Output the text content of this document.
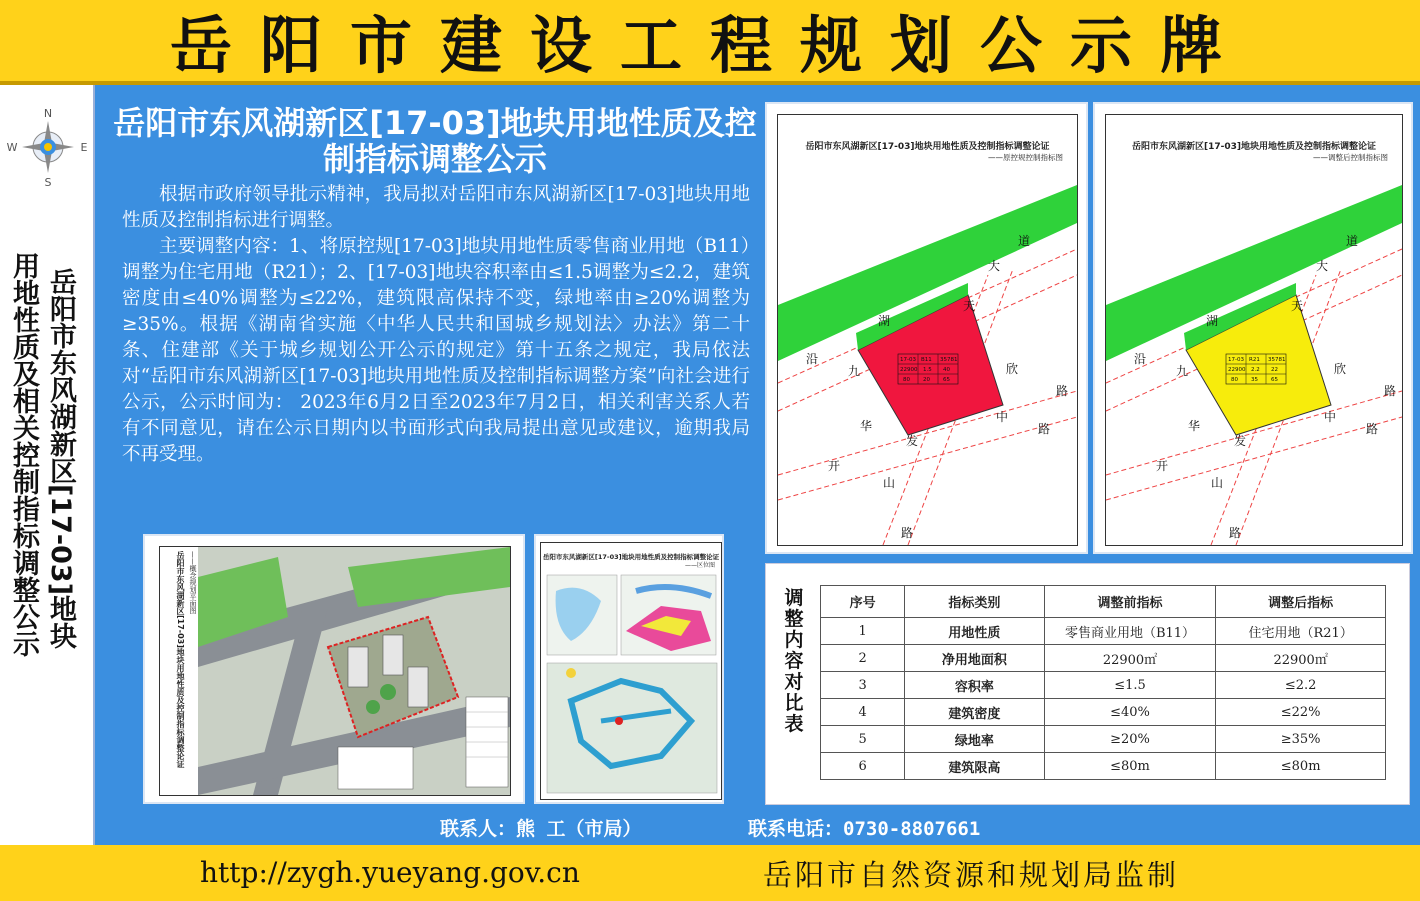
岳阳市建设工程规划公示牌
N
S
W	E
岳阳市东风湖新区[17-03]地块
用地性质及相关控制指标调整公示
岳阳市东风湖新区[17-03]地块用地性质及控制指标调整公示

根据市政府领导批示精神，我局拟对岳阳市东风湖新区[17-03]地块用地性质及控制指标进行调整。

主要调整内容：1、将原控规[17-03]地块用地性质零售商业用地（B11）调整为住宅用地（R21）；2、[17-03]地块容积率由≤1.5调整为≤2.2，建筑密度由≤40%调整为≤22%，建筑限高保持不变，绿地率由≥20%调整为≥35%。根据《湖南省实施〈中华人民共和国城乡规划法〉办法》第二十条、住建部《关于城乡规划公开公示的规定》第十五条之规定，我局依法对“岳阳市东风湖新区[17-03]地块用地性质及控制指标调整方案”向社会进行公示，公示时间为： 2023年6月2日至2023年7月2日，相关利害关系人若有不同意见，请在公示日期内以书面形式向我局提出意见或建议，逾期我局不再受理。

岳阳市东风湖新区[17-03]地块用地性质及控制指标调整论证
——原控规控制指标图
17-03 B11 35781
22900 1.5 40
80 20 65
道
大
湖
天
沿
九	欣
路
华
中
发
路
开
山
路
岳阳市东风湖新区[17-03]地块用地性质及控制指标调整论证
——调整后控制指标图
17-03 R21 35781
22900 2.2 22
80 35 65
道
大
湖
天
沿
九	欣
路
华
中
发
路
开
山
路
岳阳市东风湖新区[17-03]地块用地性质及控制指标调整论证 ——概念规划平面图	岳阳市东风湖新区[17-03]地块用地性质及控制指标调整论证
——区位图
调整内容对比表
序号	指标类别	调整前指标	调整后指标
1	用地性质	零售商业用地（B11）	住宅用地（R21）
2	净用地面积	22900㎡	22900㎡
3	容积率	≤1.5	≤2.2
4	建筑密度	≤40%	≤22%
5	绿地率	≥20%	≥35%
6	建筑限高	≤80m	≤80m
联系人：熊 工（市局）	联系电话：0730-8807661
http://zygh.yueyang.gov.cn	岳阳市自然资源和规划局监制
